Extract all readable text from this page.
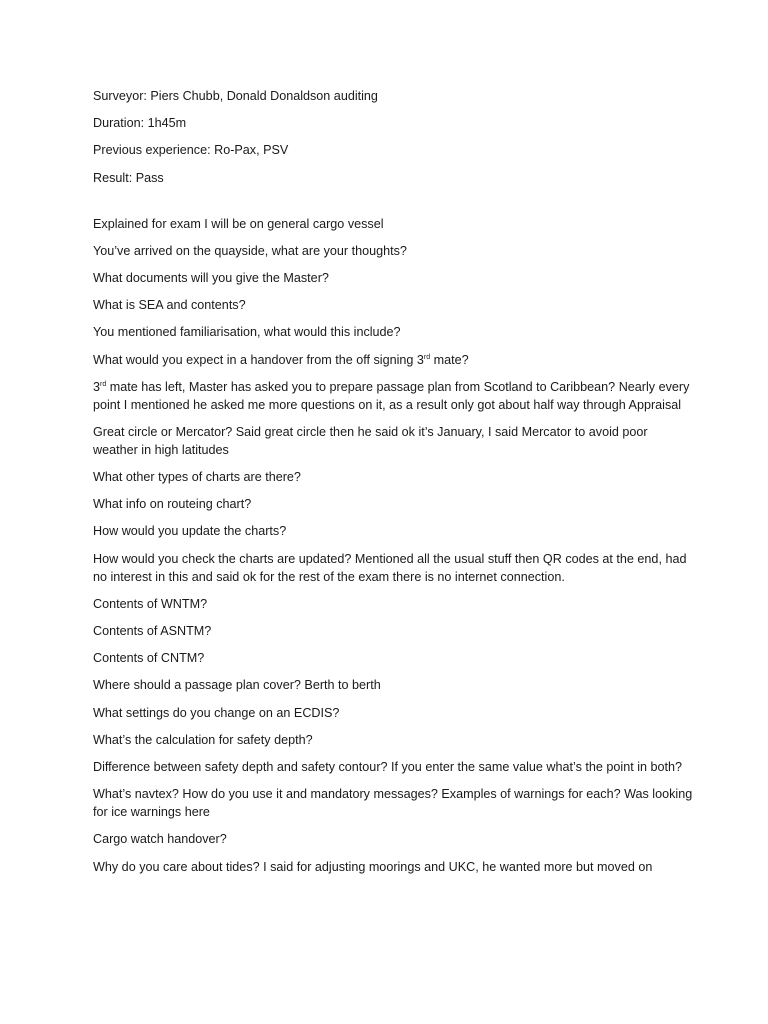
Surveyor: Piers Chubb, Donald Donaldson auditing

Duration: 1h45m

Previous experience: Ro-Pax, PSV

Result: Pass

Explained for exam I will be on general cargo vessel

You’ve arrived on the quayside, what are your thoughts?

What documents will you give the Master?

What is SEA and contents?

You mentioned familiarisation, what would this include?

What would you expect in a handover from the off signing 3rd mate?

3rd mate has left, Master has asked you to prepare passage plan from Scotland to Caribbean? Nearly every point I mentioned he asked me more questions on it, as a result only got about half way through Appraisal

Great circle or Mercator? Said great circle then he said ok it’s January, I said Mercator to avoid poor weather in high latitudes

What other types of charts are there?

What info on routeing chart?

How would you update the charts?

How would you check the charts are updated? Mentioned all the usual stuff then QR codes at the end, had no interest in this and said ok for the rest of the exam there is no internet connection.

Contents of WNTM?

Contents of ASNTM?

Contents of CNTM?

Where should a passage plan cover? Berth to berth

What settings do you change on an ECDIS?

What’s the calculation for safety depth?

Difference between safety depth and safety contour? If you enter the same value what’s the point in both?

What’s navtex? How do you use it and mandatory messages? Examples of warnings for each? Was looking for ice warnings here

Cargo watch handover?

Why do you care about tides? I said for adjusting moorings and UKC, he wanted more but moved on
